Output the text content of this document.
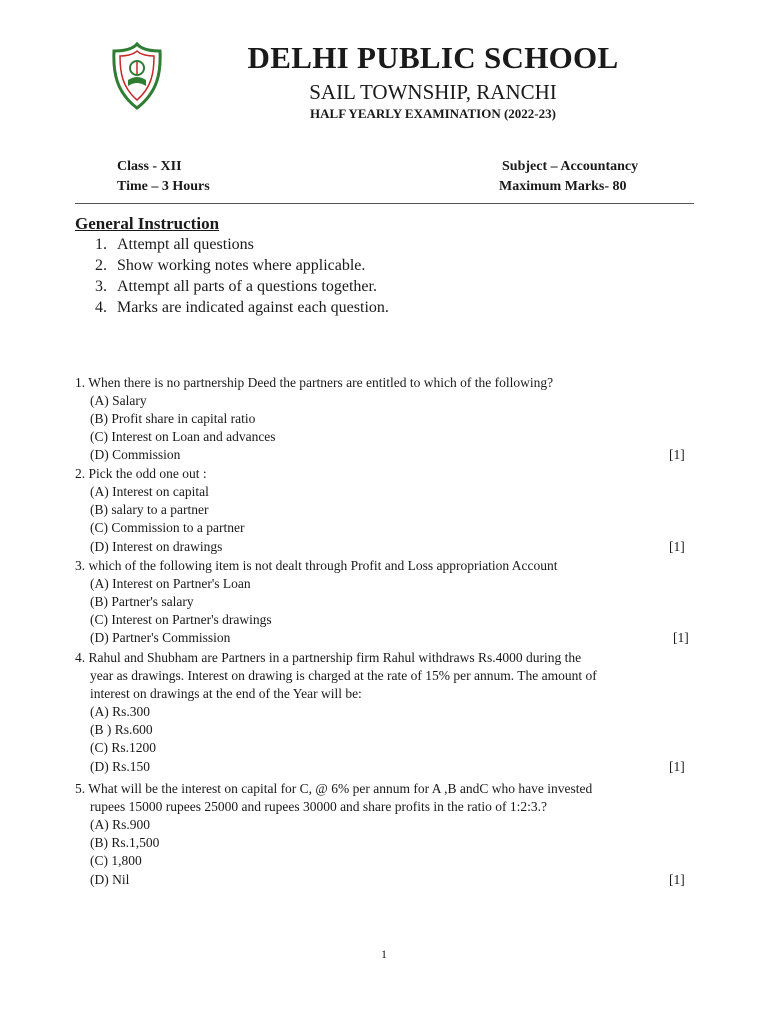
DELHI PUBLIC SCHOOL
SAIL TOWNSHIP, RANCHI
HALF YEARLY EXAMINATION (2022-23)
Class - XII
Time – 3 Hours
Subject – Accountancy
Maximum Marks- 80
General Instruction
1. Attempt all questions
2. Show working notes where applicable.
3. Attempt all parts of a questions together.
4. Marks are indicated against each question.
1. When there is no partnership Deed the partners are entitled to which of the following?
(A) Salary
(B) Profit share in capital ratio
(C) Interest on Loan and advances
(D) Commission	[1]
2. Pick the odd one out :
(A) Interest on capital
(B) salary to a partner
(C) Commission to a partner
(D) Interest on drawings	[1]
3. which of the following item is not dealt through Profit and Loss appropriation Account
(A) Interest on Partner's Loan
(B) Partner's salary
(C) Interest on Partner's drawings
(D) Partner's Commission	[1]
4. Rahul and Shubham are Partners in a partnership firm Rahul withdraws Rs.4000 during the
year as drawings. Interest on drawing is charged at the rate of 15% per annum. The amount of
interest on drawings at the end of the Year will be:
(A) Rs.300
(B ) Rs.600
(C) Rs.1200
(D) Rs.150	[1]
5. What will be the interest on capital for C, @ 6% per annum for A ,B andC who have invested
rupees 15000 rupees 25000 and rupees 30000 and share profits in the ratio of 1:2:3.?
(A) Rs.900
(B) Rs.1,500
(C) 1,800
(D) Nil	[1]
1
